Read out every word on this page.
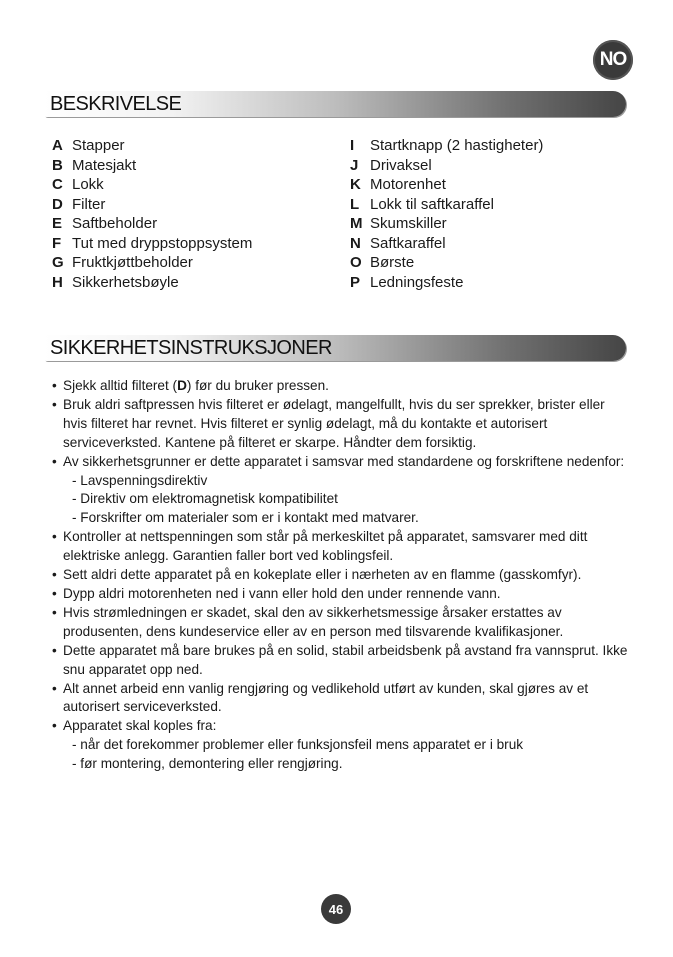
NO
BESKRIVELSE
A Stapper
B Matesjakt
C Lokk
D Filter
E Saftbeholder
F Tut med dryppstoppsystem
G Fruktkjøttbeholder
H Sikkerhetsbøyle
I	Startknapp (2 hastigheter)
J Drivaksel
K Motorenhet
L Lokk til saftkaraffel
M Skumskiller
N Saftkaraffel
O Børste
P Ledningsfeste
SIKKERHETSINSTRUKSJONER
• Sjekk alltid filteret (D) før du bruker pressen.
• Bruk aldri saftpressen hvis filteret er ødelagt, mangelfullt, hvis du ser sprekker, brister eller hvis filteret har revnet. Hvis filteret er synlig ødelagt, må du kontakte et autorisert serviceverksted. Kantene på filteret er skarpe. Håndter dem forsiktig.
• Av sikkerhetsgrunner er dette apparatet i samsvar med standardene og forskriftene nedenfor:
- Lavspenningsdirektiv
- Direktiv om elektromagnetisk kompatibilitet
- Forskrifter om materialer som er i kontakt med matvarer.
• Kontroller at nettspenningen som står på merkeskiltet på apparatet, samsvarer med ditt elektriske anlegg. Garantien faller bort ved koblingsfeil.
• Sett aldri dette apparatet på en kokeplate eller i nærheten av en flamme (gasskomfyr).
• Dypp aldri motorenheten ned i vann eller hold den under rennende vann.
• Hvis strømledningen er skadet, skal den av sikkerhetsmessige årsaker erstattes av produsenten, dens kundeservice eller av en person med tilsvarende kvalifikasjoner.
• Dette apparatet må bare brukes på en solid, stabil arbeidsbenk på avstand fra vannsprut. Ikke snu apparatet opp ned.
• Alt annet arbeid enn vanlig rengjøring og vedlikehold utført av kunden, skal gjøres av et autorisert serviceverksted.
• Apparatet skal koples fra:
- når det forekommer problemer eller funksjonsfeil mens apparatet er i bruk
- før montering, demontering eller rengjøring.
46
